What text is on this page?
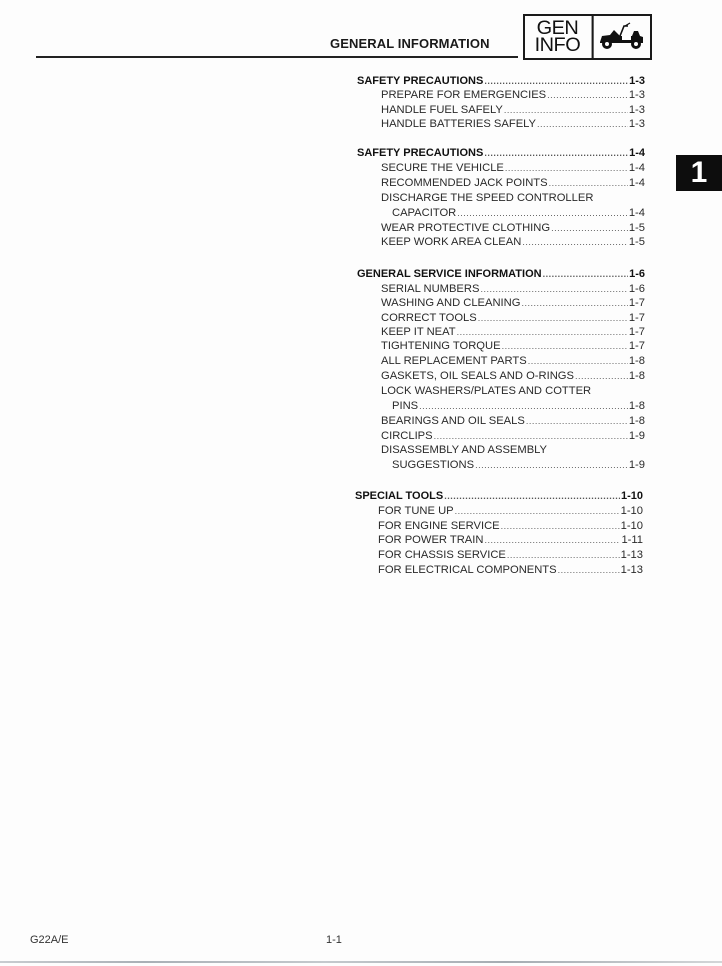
GENERAL INFORMATION
GEN
INFO
1
SAFETY PRECAUTIONS .....	1-3
PREPARE FOR EMERGENCIES .....	1-3
HANDLE FUEL SAFELY .....	1-3
HANDLE BATTERIES SAFELY .....	1-3
SAFETY PRECAUTIONS .....	1-4
SECURE THE VEHICLE .....	1-4
RECOMMENDED JACK POINTS .....	1-4
DISCHARGE THE SPEED CONTROLLER
CAPACITOR .....	1-4
WEAR PROTECTIVE CLOTHING .....	1-5
KEEP WORK AREA CLEAN .....	1-5
GENERAL SERVICE INFORMATION .....	1-6
SERIAL NUMBERS .....	1-6
WASHING AND CLEANING .....	1-7
CORRECT TOOLS .....	1-7
KEEP IT NEAT .....	1-7
TIGHTENING TORQUE .....	1-7
ALL REPLACEMENT PARTS .....	1-8
GASKETS, OIL SEALS AND O-RINGS .....	1-8
LOCK WASHERS/PLATES AND COTTER
PINS .....	1-8
BEARINGS AND OIL SEALS .....	1-8
CIRCLIPS .....	1-9
DISASSEMBLY AND ASSEMBLY
SUGGESTIONS .....	1-9
SPECIAL TOOLS .....	1-10
FOR TUNE UP .....	1-10
FOR ENGINE SERVICE .....	1-10
FOR POWER TRAIN .....	1-11
FOR CHASSIS SERVICE .....	1-13
FOR ELECTRICAL COMPONENTS .....	1-13
G22A/E	1-1
